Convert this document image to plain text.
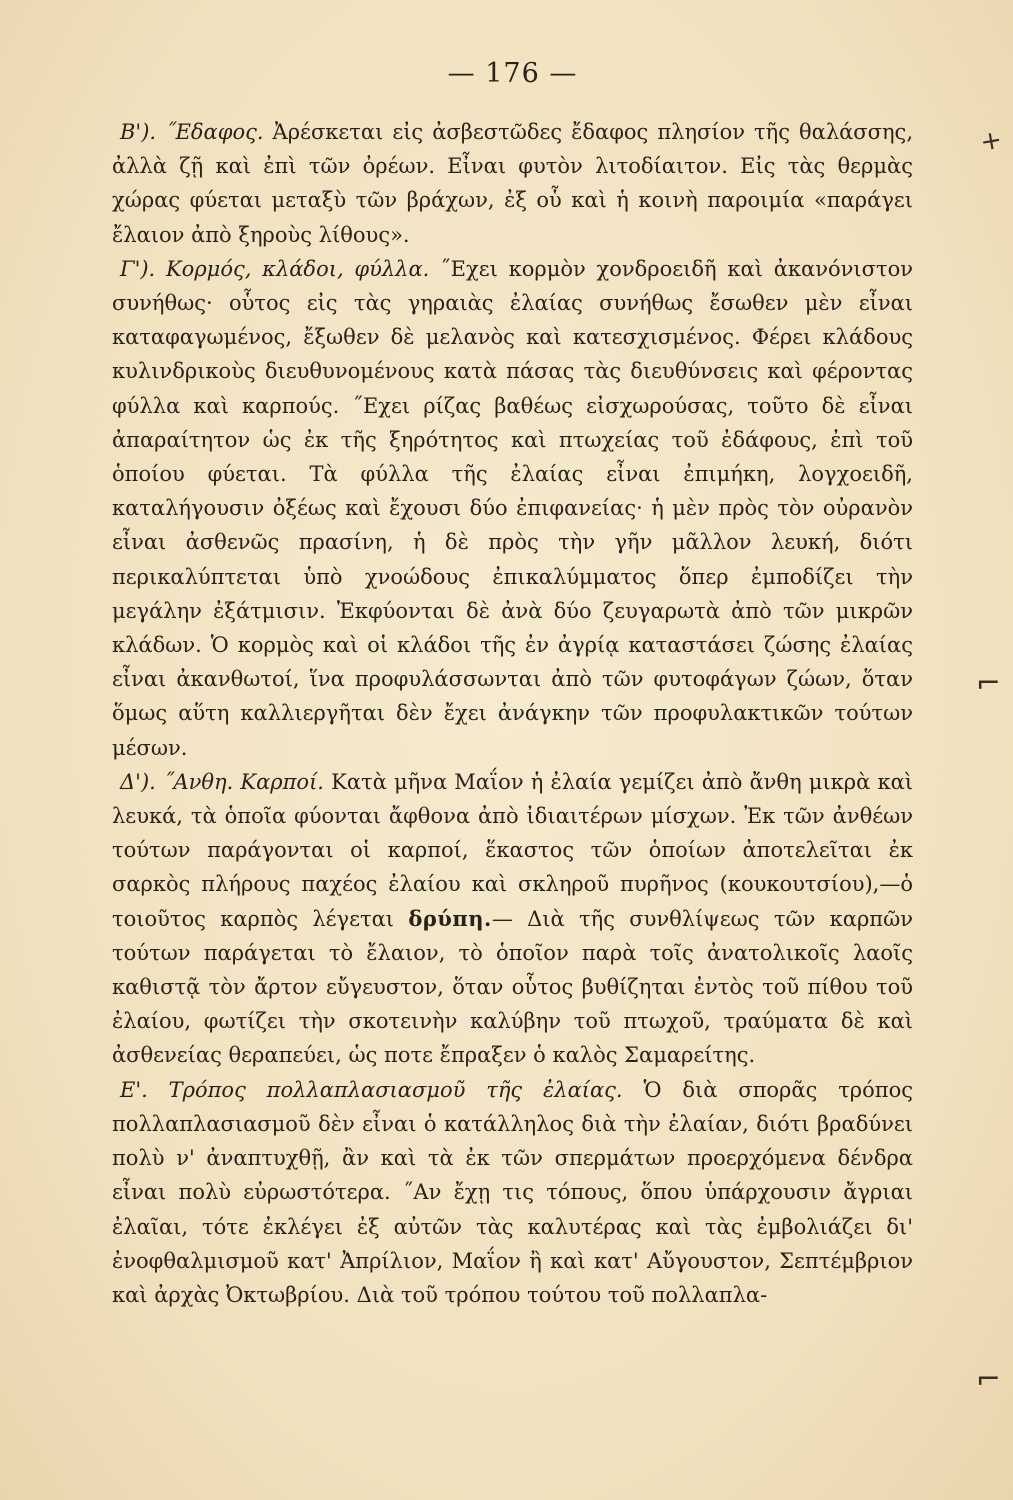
— 176 —

Β'). ˝Εδαφος. Ἀρέσκεται εἰς ἀσβεστῶδες ἔδαφος πλησίον τῆς θαλάσσης, ἀλλὰ ζῇ καὶ ἐπὶ τῶν ὀρέων. Εἶναι φυτὸν λιτοδίαιτον. Εἰς τὰς θερμὰς χώρας φύεται μεταξὺ τῶν βράχων, ἐξ οὗ καὶ ἡ κοινὴ παροιμία «παράγει ἔλαιον ἀπὸ ξηροὺς λίθους».

Γ'). Κορμός, κλάδοι, φύλλα. ˝Εχει κορμὸν χονδροειδῆ καὶ ἀκανόνιστον συνήθως· οὗτος εἰς τὰς γηραιὰς ἐλαίας συνήθως ἔσωθεν μὲν εἶναι καταφαγωμένος, ἔξωθεν δὲ μελανὸς καὶ κατεσχισμένος. Φέρει κλάδους κυλινδρικοὺς διευθυνομένους κατὰ πάσας τὰς διευθύνσεις καὶ φέροντας φύλλα καὶ καρπούς. ˝Εχει ρίζας βαθέως εἰσχωρούσας, τοῦτο δὲ εἶναι ἀπαραίτητον ὡς ἐκ τῆς ξηρότητος καὶ πτωχείας τοῦ ἐδάφους, ἐπὶ τοῦ ὁποίου φύεται. Τὰ φύλλα τῆς ἐλαίας εἶναι ἐπιμήκη, λογχοειδῆ, καταλήγουσιν ὀξέως καὶ ἔχουσι δύο ἐπιφανείας· ἡ μὲν πρὸς τὸν οὐρανὸν εἶναι ἀσθενῶς πρασίνη, ἡ δὲ πρὸς τὴν γῆν μᾶλλον λευκή, διότι περικαλύπτεται ὑπὸ χνοώδους ἐπικαλύμματος ὅπερ ἐμποδίζει τὴν μεγάλην ἐξάτμισιν. Ἐκφύονται δὲ ἀνὰ δύο ζευγαρωτὰ ἀπὸ τῶν μικρῶν κλάδων. Ὁ κορμὸς καὶ οἱ κλάδοι τῆς ἐν ἀγρίᾳ καταστάσει ζώσης ἐλαίας εἶναι ἀκανθωτοί, ἵνα προφυλάσσωνται ἀπὸ τῶν φυτοφάγων ζώων, ὅταν ὅμως αὕτη καλλιεργῆται δὲν ἔχει ἀνάγκην τῶν προφυλακτικῶν τούτων μέσων.

Δ'). ˝Ανθη. Καρποί. Κατὰ μῆνα Μαΐον ἡ ἐλαία γεμίζει ἀπὸ ἄνθη μικρὰ καὶ λευκά, τὰ ὁποῖα φύονται ἄφθονα ἀπὸ ἰδιαιτέρων μίσχων. Ἐκ τῶν ἀνθέων τούτων παράγονται οἱ καρποί, ἕκαστος τῶν ὁποίων ἀποτελεῖται ἐκ σαρκὸς πλήρους παχέος ἐλαίου καὶ σκληροῦ πυρῆνος (κουκουτσίου),—ὁ τοιοῦτος καρπὸς λέγεται δρύπη.— Διὰ τῆς συνθλίψεως τῶν καρπῶν τούτων παράγεται τὸ ἔλαιον, τὸ ὁποῖον παρὰ τοῖς ἀνατολικοῖς λαοῖς καθιστᾷ τὸν ἄρτον εὔγευστον, ὅταν οὗτος βυθίζηται ἐντὸς τοῦ πίθου τοῦ ἐλαίου, φωτίζει τὴν σκοτεινὴν καλύβην τοῦ πτωχοῦ, τραύματα δὲ καὶ ἀσθενείας θεραπεύει, ὡς ποτε ἔπραξεν ὁ καλὸς Σαμαρείτης.

Ε'. Τρόπος πολλαπλασιασμοῦ τῆς ἐλαίας. Ὁ διὰ σπορᾶς τρόπος πολλαπλασιασμοῦ δὲν εἶναι ὁ κατάλληλος διὰ τὴν ἐλαίαν, διότι βραδύνει πολὺ ν' ἀναπτυχθῇ, ἂν καὶ τὰ ἐκ τῶν σπερμάτων προερχόμενα δένδρα εἶναι πολὺ εὐρωστότερα. ˝Αν ἔχῃ τις τόπους, ὅπου ὑπάρχουσιν ἄγριαι ἐλαῖαι, τότε ἐκλέγει ἐξ αὐτῶν τὰς καλυτέρας καὶ τὰς ἐμβολιάζει δι' ἐνοφθαλμισμοῦ κατ' Ἀπρίλιον, Μαΐον ἢ καὶ κατ' Αὔγουστον, Σεπτέμβριον καὶ ἀρχὰς Ὀκτωβρίου. Διὰ τοῦ τρόπου τούτου τοῦ πολλαπλα-

✕
⌐
⌐
